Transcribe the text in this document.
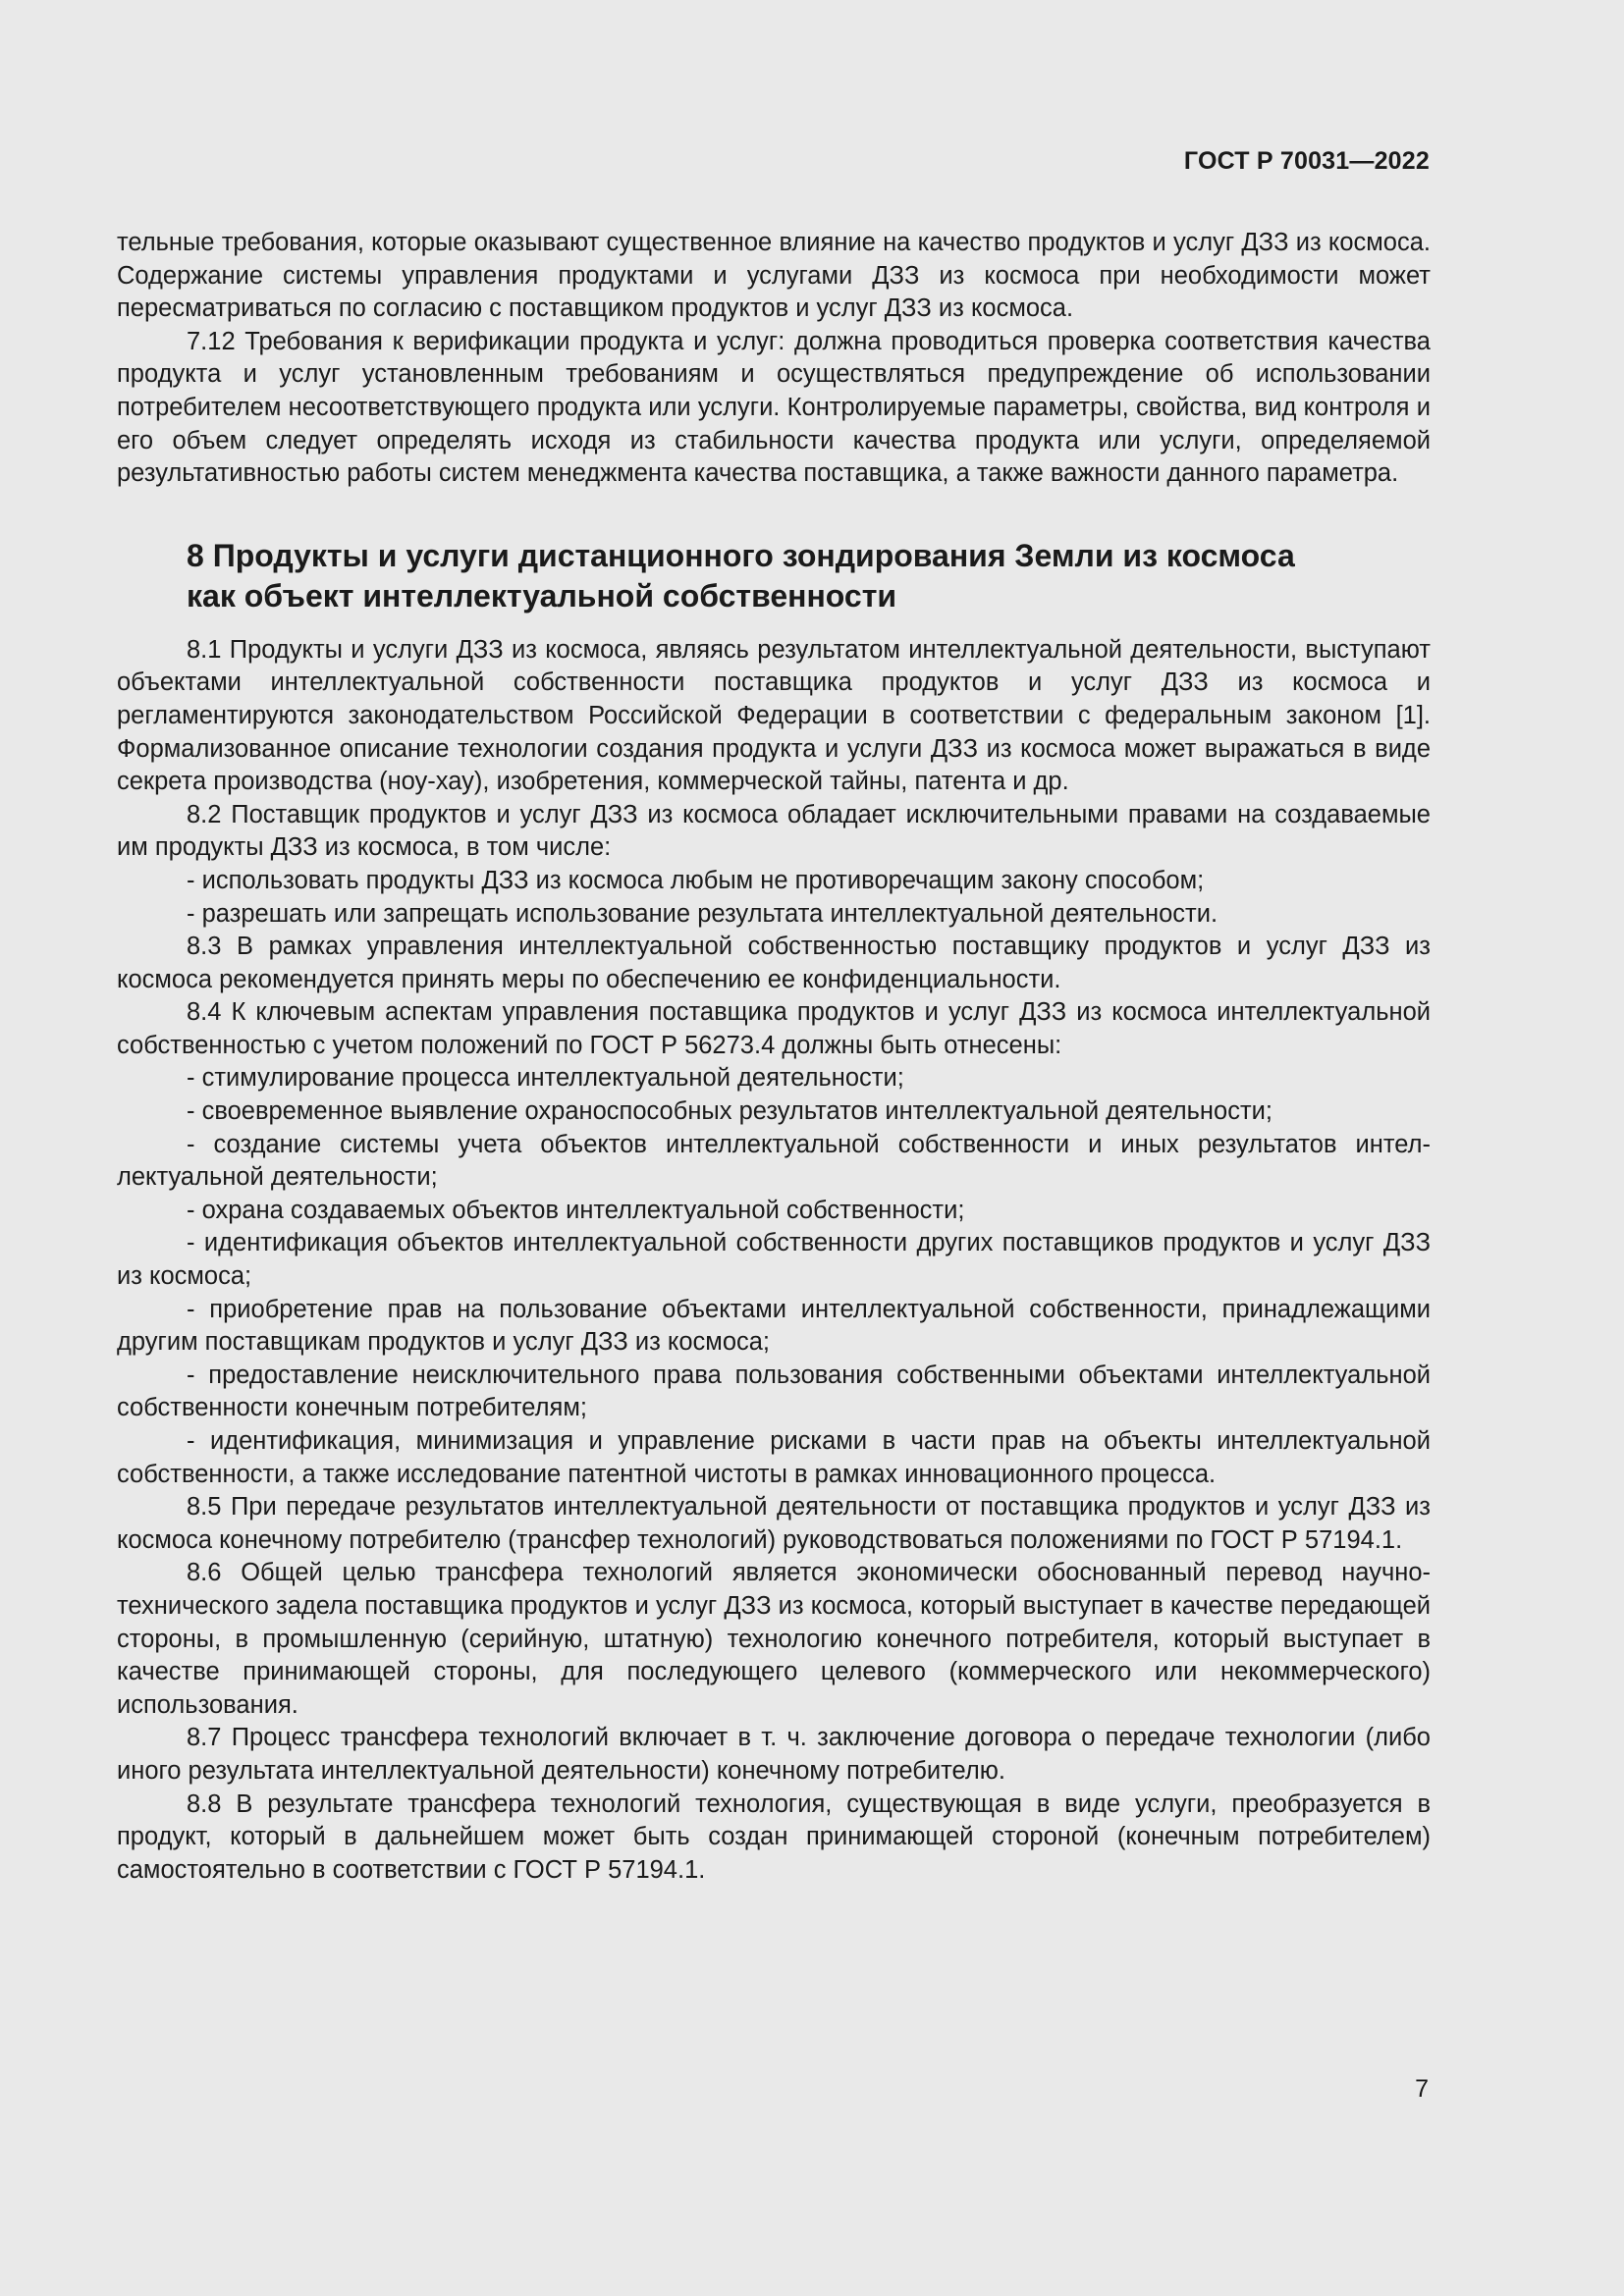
ГОСТ Р 70031—2022

тельные требования, которые оказывают существенное влияние на качество продуктов и услуг ДЗЗ из космоса. Содержание системы управления продуктами и услугами ДЗЗ из космоса при необходимости может пересматриваться по согласию с поставщиком продуктов и услуг ДЗЗ из космоса.

7.12 Требования к верификации продукта и услуг: должна проводиться проверка соответствия качества продукта и услуг установленным требованиям и осуществляться предупреждение об использовании потребителем несоответствующего продукта или услуги. Контролируемые параметры, свойства, вид контроля и его объем следует определять исходя из стабильности качества продукта или услуги, определяемой результативностью работы систем менеджмента качества поставщика, а также важности данного параметра.

8 Продукты и услуги дистанционного зондирования Земли из космоса
как объект интеллектуальной собственности

8.1 Продукты и услуги ДЗЗ из космоса, являясь результатом интеллектуальной деятельности, выступают объектами интеллектуальной собственности поставщика продуктов и услуг ДЗЗ из космоса и регламентируются законодательством Российской Федерации в соответствии с федеральным законом [1]. Формализованное описание технологии создания продукта и услуги ДЗЗ из космоса может выражаться в виде секрета производства (ноу-хау), изобретения, коммерческой тайны, патента и др.

8.2 Поставщик продуктов и услуг ДЗЗ из космоса обладает исключительными правами на создаваемые им продукты ДЗЗ из космоса, в том числе:

- использовать продукты ДЗЗ из космоса любым не противоречащим закону способом;

- разрешать или запрещать использование результата интеллектуальной деятельности.

8.3 В рамках управления интеллектуальной собственностью поставщику продуктов и услуг ДЗЗ из космоса рекомендуется принять меры по обеспечению ее конфиденциальности.

8.4 К ключевым аспектам управления поставщика продуктов и услуг ДЗЗ из космоса интеллектуальной собственностью с учетом положений по ГОСТ Р 56273.4 должны быть отнесены:

- стимулирование процесса интеллектуальной деятельности;

- своевременное выявление охраноспособных результатов интеллектуальной деятельности;

- создание системы учета объектов интеллектуальной собственности и иных результатов интеллектуальной деятельности;

- охрана создаваемых объектов интеллектуальной собственности;

- идентификация объектов интеллектуальной собственности других поставщиков продуктов и услуг ДЗЗ из космоса;

- приобретение прав на пользование объектами интеллектуальной собственности, принадлежащими другим поставщикам продуктов и услуг ДЗЗ из космоса;

- предоставление неисключительного права пользования собственными объектами интеллектуальной собственности конечным потребителям;

- идентификация, минимизация и управление рисками в части прав на объекты интеллектуальной собственности, а также исследование патентной чистоты в рамках инновационного процесса.

8.5 При передаче результатов интеллектуальной деятельности от поставщика продуктов и услуг ДЗЗ из космоса конечному потребителю (трансфер технологий) руководствоваться положениями по ГОСТ Р 57194.1.

8.6 Общей целью трансфера технологий является экономически обоснованный перевод научно-технического задела поставщика продуктов и услуг ДЗЗ из космоса, который выступает в качестве передающей стороны, в промышленную (серийную, штатную) технологию конечного потребителя, который выступает в качестве принимающей стороны, для последующего целевого (коммерческого или некоммерческого) использования.

8.7 Процесс трансфера технологий включает в т. ч. заключение договора о передаче технологии (либо иного результата интеллектуальной деятельности) конечному потребителю.

8.8 В результате трансфера технологий технология, существующая в виде услуги, преобразуется в продукт, который в дальнейшем может быть создан принимающей стороной (конечным потребителем) самостоятельно в соответствии с ГОСТ Р 57194.1.

7
